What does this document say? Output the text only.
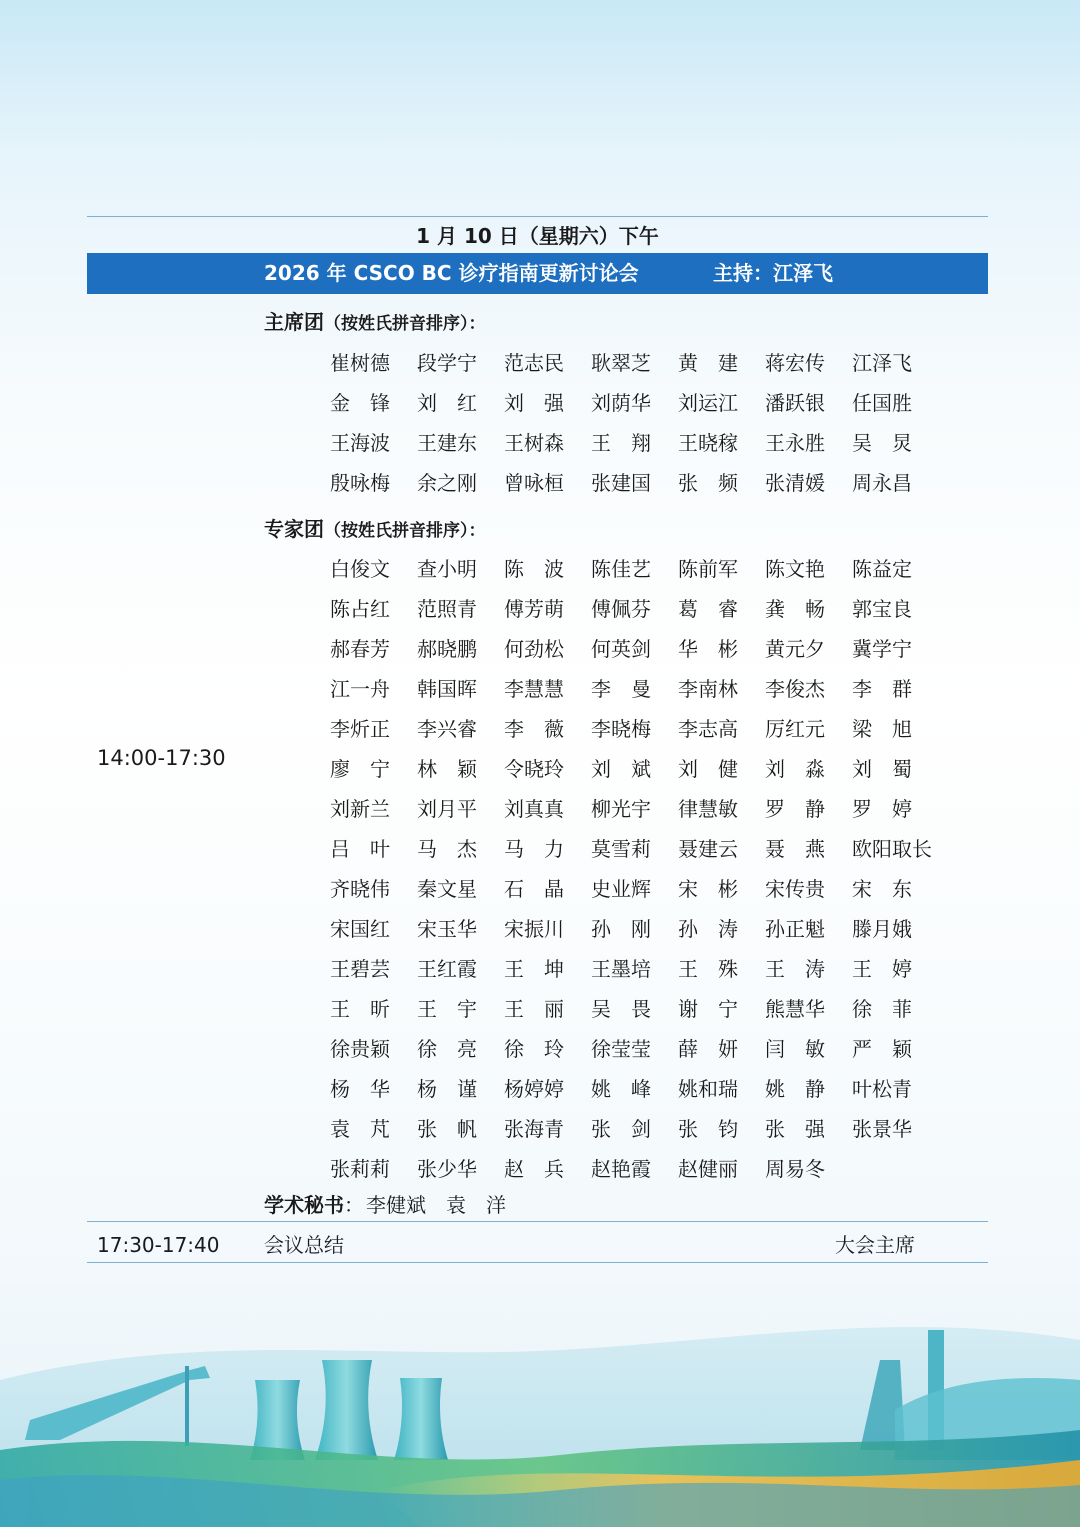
1 月 10 日（星期六）下午
2026 年 CSCO BC 诊疗指南更新讨论会	主持：江泽飞
14:00-17:30
主席团（按姓氏拼音排序）：
崔树德	段学宁	范志民	耿翠芝	黄　建	蒋宏传	江泽飞
金　锋	刘　红	刘　强	刘荫华	刘运江	潘跃银	任国胜
王海波	王建东	王树森	王　翔	王晓稼	王永胜	吴　炅
殷咏梅	余之刚	曾咏桓	张建国	张　频	张清媛	周永昌
专家团（按姓氏拼音排序）：
白俊文	查小明	陈　波	陈佳艺	陈前军	陈文艳	陈益定
陈占红	范照青	傅芳萌	傅佩芬	葛　睿	龚　畅	郭宝良
郝春芳	郝晓鹏	何劲松	何英剑	华　彬	黄元夕	冀学宁
江一舟	韩国晖	李慧慧	李　曼	李南林	李俊杰	李　群
李炘正	李兴睿	李　薇	李晓梅	李志高	厉红元	梁　旭
廖　宁	林　颖	令晓玲	刘　斌	刘　健	刘　淼	刘　蜀
刘新兰	刘月平	刘真真	柳光宇	律慧敏	罗　静	罗　婷
吕　叶	马　杰	马　力	莫雪莉	聂建云	聂　燕	欧阳取长
齐晓伟	秦文星	石　晶	史业辉	宋　彬	宋传贵	宋　东
宋国红	宋玉华	宋振川	孙　刚	孙　涛	孙正魁	滕月娥
王碧芸	王红霞	王　坤	王墨培	王　殊	王　涛	王　婷
王　昕	王　宇	王　丽	吴　畏	谢　宁	熊慧华	徐　菲
徐贵颖	徐　亮	徐　玲	徐莹莹	薛　妍	闫　敏	严　颖
杨　华	杨　谨	杨婷婷	姚　峰	姚和瑞	姚　静	叶松青
袁　芃	张　帆	张海青	张　剑	张　钧	张　强	张景华
张莉莉	张少华	赵　兵	赵艳霞	赵健丽	周易冬
学术秘书： 李健斌　袁　洋
17:30-17:40 会议总结	大会主席
